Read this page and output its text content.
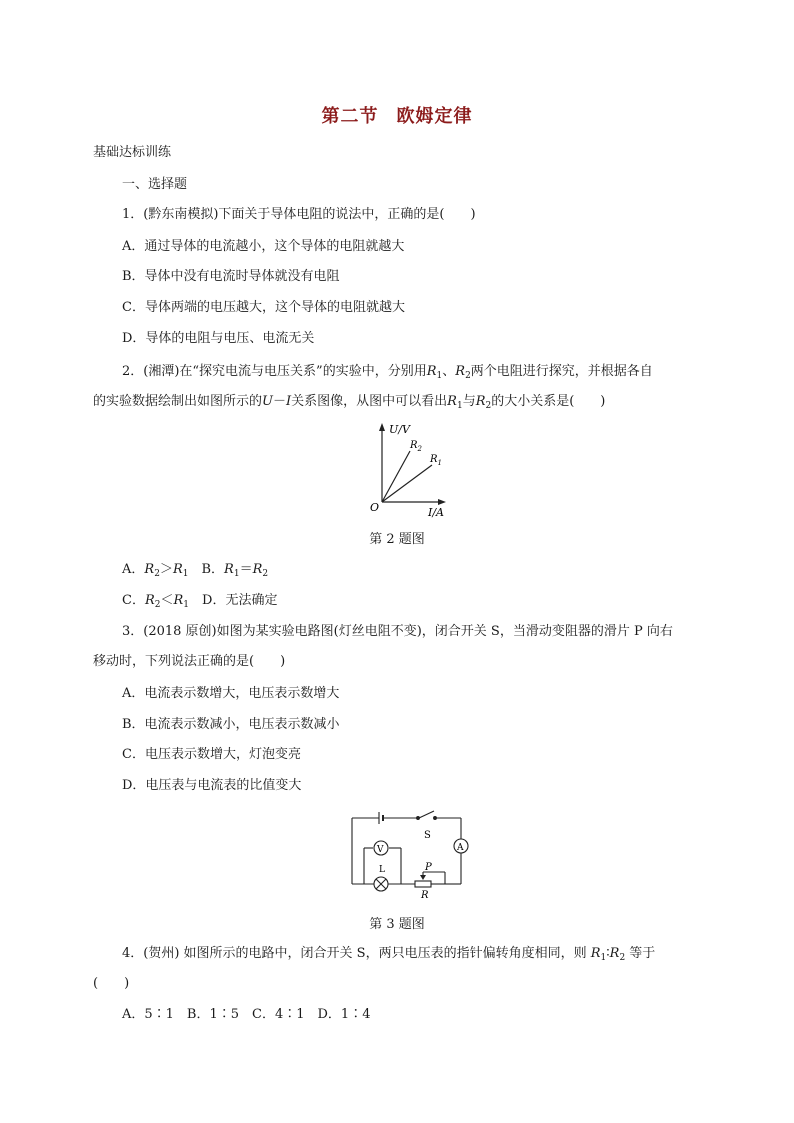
第二节 欧姆定律
基础达标训练
一、选择题
1．(黔东南模拟)下面关于导体电阻的说法中，正确的是(　　)
A．通过导体的电流越小，这个导体的电阻就越大
B．导体中没有电流时导体就没有电阻
C．导体两端的电压越大，这个导体的电阻就越大
D．导体的电阻与电压、电流无关
2．(湘潭)在“探究电流与电压关系”的实验中，分别用$R_1$、$R_2$两个电阻进行探究，并根据各自
的实验数据绘制出如图所示的U－I关系图像，从图中可以看出$R_1$与$R_2$的大小关系是(　　)
U/V
I/A
O
$R_2$
$R_1$
第 2 题图
A．$R_2>R_1$　B．$R_1=R_2$
C．$R_2<R_1$　 D．无法确定
3．(2018 原创)如图为某实验电路图(灯丝电阻不变)，闭合开关 S，当滑动变阻器的滑片 P 向右
移动时，下列说法正确的是(　　)
A．电流表示数增大，电压表示数增大
B．电流表示数减小，电压表示数减小
C．电压表示数增大，灯泡变亮
D．电压表与电流表的比值变大
S
A
V
L	P
R
第 3 题图
4．(贺州) 如图所示的电路中，闭合开关 S，两只电压表的指针偏转角度相同，则 $R_1∶R_2$ 等于
(　　)
A．5∶1　B．1∶5　C．4∶1　D．1∶4
